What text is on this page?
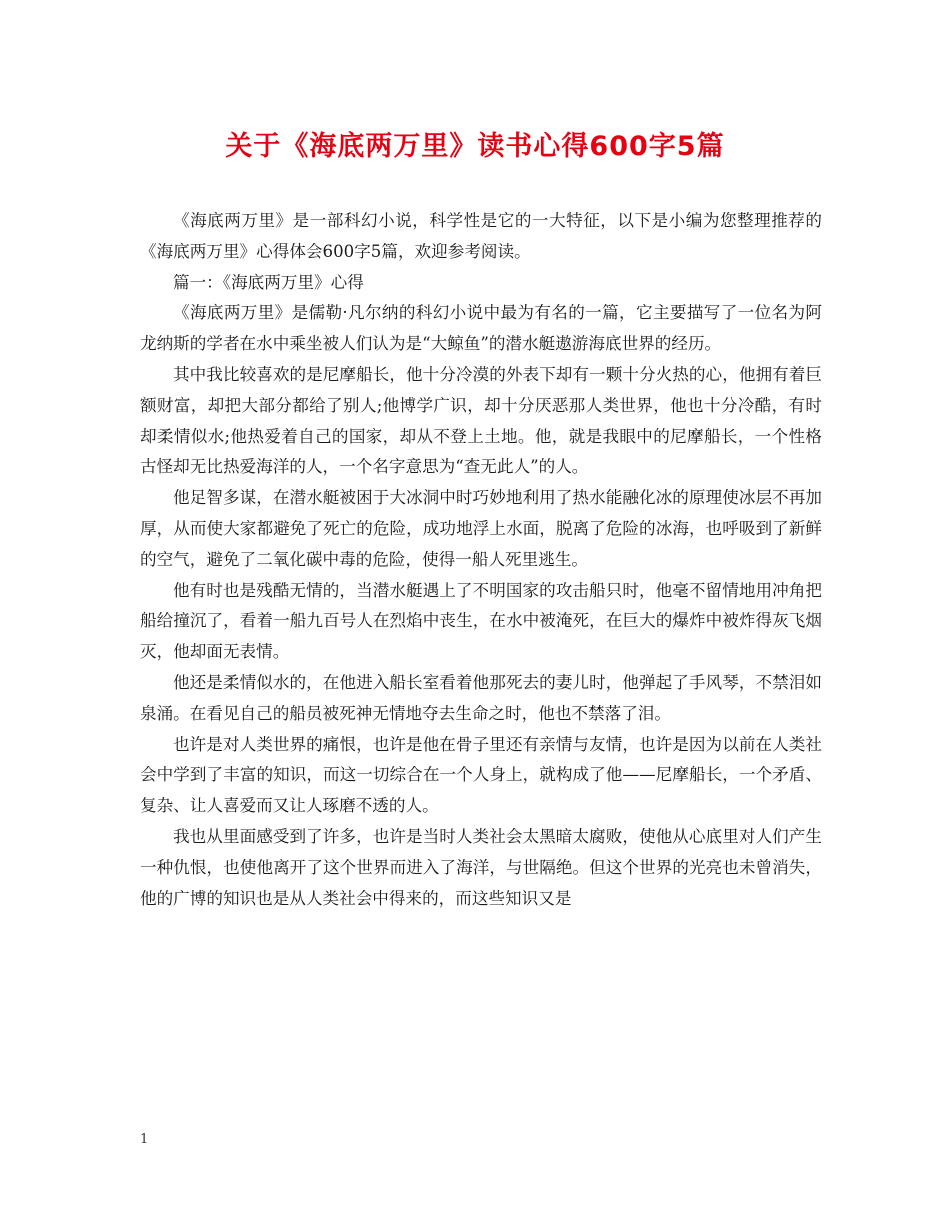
关于《海底两万里》读书心得600字5篇

《海底两万里》是一部科幻小说，科学性是它的一大特征，以下是小编为您整理推荐的《海底两万里》心得体会600字5篇，欢迎参考阅读。

篇一：《海底两万里》心得

《海底两万里》是儒勒·凡尔纳的科幻小说中最为有名的一篇，它主要描写了一位名为阿龙纳斯的学者在水中乘坐被人们认为是“大鲸鱼”的潜水艇遨游海底世界的经历。

其中我比较喜欢的是尼摩船长，他十分冷漠的外表下却有一颗十分火热的心，他拥有着巨额财富，却把大部分都给了别人;他博学广识，却十分厌恶那人类世界，他也十分冷酷，有时却柔情似水;他热爱着自己的国家，却从不登上土地。他，就是我眼中的尼摩船长，一个性格古怪却无比热爱海洋的人，一个名字意思为“查无此人”的人。

他足智多谋，在潜水艇被困于大冰洞中时巧妙地利用了热水能融化冰的原理使冰层不再加厚，从而使大家都避免了死亡的危险，成功地浮上水面，脱离了危险的冰海，也呼吸到了新鲜的空气，避免了二氧化碳中毒的危险，使得一船人死里逃生。

他有时也是残酷无情的，当潜水艇遇上了不明国家的攻击船只时，他毫不留情地用冲角把船给撞沉了，看着一船九百号人在烈焰中丧生，在水中被淹死，在巨大的爆炸中被炸得灰飞烟灭，他却面无表情。

他还是柔情似水的，在他进入船长室看着他那死去的妻儿时，他弹起了手风琴，不禁泪如泉涌。在看见自己的船员被死神无情地夺去生命之时，他也不禁落了泪。

也许是对人类世界的痛恨，也许是他在骨子里还有亲情与友情，也许是因为以前在人类社会中学到了丰富的知识，而这一切综合在一个人身上，就构成了他——尼摩船长，一个矛盾、复杂、让人喜爱而又让人琢磨不透的人。

我也从里面感受到了许多，也许是当时人类社会太黑暗太腐败，使他从心底里对人们产生一种仇恨，也使他离开了这个世界而进入了海洋，与世隔绝。但这个世界的光亮也未曾消失，他的广博的知识也是从人类社会中得来的，而这些知识又是

1
